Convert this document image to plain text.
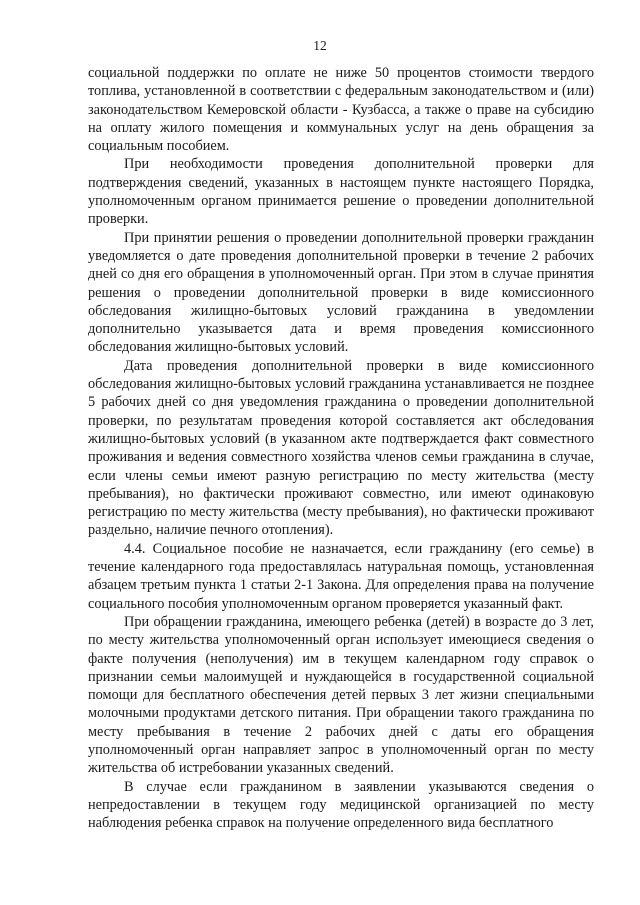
12

социальной поддержки по оплате не ниже 50 процентов стоимости твердого топлива, установленной в соответствии с федеральным законодательством и (или) законодательством Кемеровской области - Кузбасса, а также о праве на субсидию на оплату жилого помещения и коммунальных услуг на день обращения за социальным пособием.

При необходимости проведения дополнительной проверки для подтверждения сведений, указанных в настоящем пункте настоящего Порядка, уполномоченным органом принимается решение о проведении дополнительной проверки.

При принятии решения о проведении дополнительной проверки гражданин уведомляется о дате проведения дополнительной проверки в течение 2 рабочих дней со дня его обращения в уполномоченный орган. При этом в случае принятия решения о проведении дополнительной проверки в виде комиссионного обследования жилищно-бытовых условий гражданина в уведомлении дополнительно указывается дата и время проведения комиссионного обследования жилищно-бытовых условий.

Дата проведения дополнительной проверки в виде комиссионного обследования жилищно-бытовых условий гражданина устанавливается не позднее 5 рабочих дней со дня уведомления гражданина о проведении дополнительной проверки, по результатам проведения которой составляется акт обследования жилищно-бытовых условий (в указанном акте подтверждается факт совместного проживания и ведения совместного хозяйства членов семьи гражданина в случае, если члены семьи имеют разную регистрацию по месту жительства (месту пребывания), но фактически проживают совместно, или имеют одинаковую регистрацию по месту жительства (месту пребывания), но фактически проживают раздельно, наличие печного отопления).

4.4. Социальное пособие не назначается, если гражданину (его семье) в течение календарного года предоставлялась натуральная помощь, установленная абзацем третьим пункта 1 статьи 2-1 Закона. Для определения права на получение социального пособия уполномоченным органом проверяется указанный факт.

При обращении гражданина, имеющего ребенка (детей) в возрасте до 3 лет, по месту жительства уполномоченный орган использует имеющиеся сведения о факте получения (неполучения) им в текущем календарном году справок о признании семьи малоимущей и нуждающейся в государственной социальной помощи для бесплатного обеспечения детей первых 3 лет жизни специальными молочными продуктами детского питания. При обращении такого гражданина по месту пребывания в течение 2 рабочих дней с даты его обращения уполномоченный орган направляет запрос в уполномоченный орган по месту жительства об истребовании указанных сведений.

В случае если гражданином в заявлении указываются сведения о непредоставлении в текущем году медицинской организацией по месту наблюдения ребенка справок на получение определенного вида бесплатного
